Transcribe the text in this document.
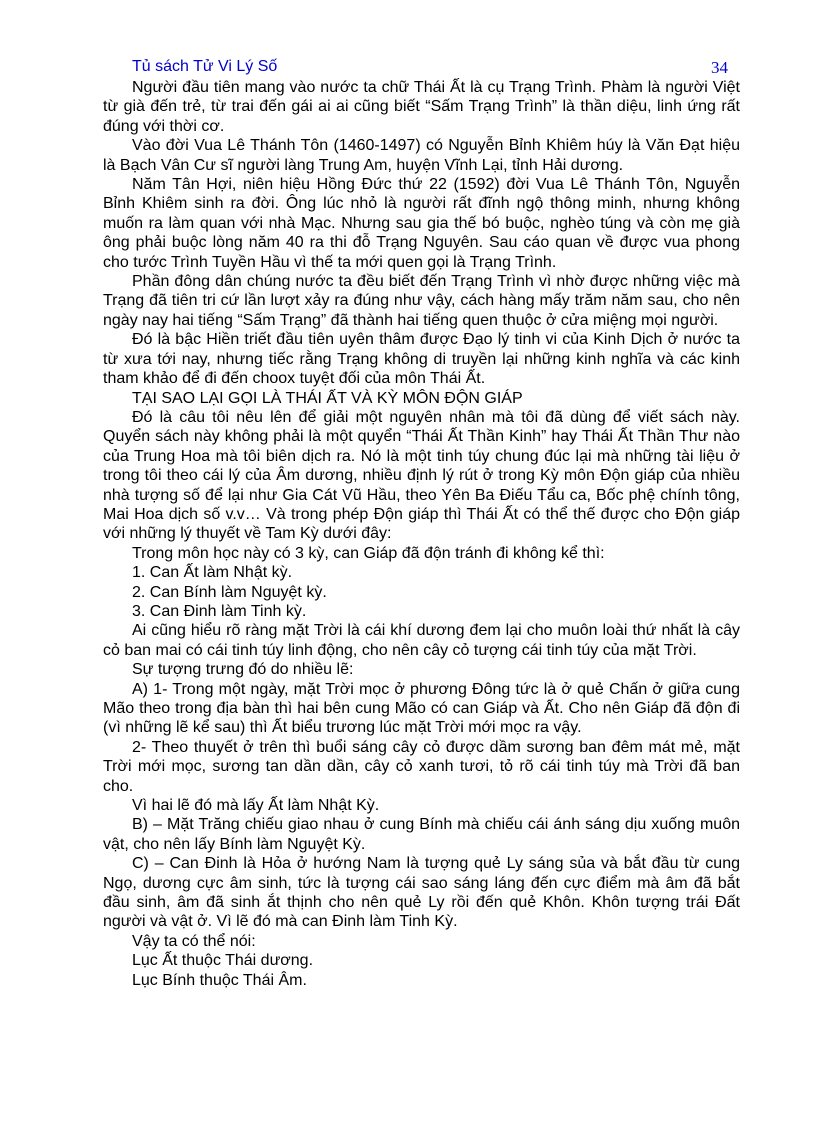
Tủ sách Tử Vi Lý Số	34

Người đầu tiên mang vào nước ta chữ Thái Ất là cụ Trạng Trình. Phàm là người Việt từ già đến trẻ, từ trai đến gái ai ai cũng biết “Sấm Trạng Trình” là thần diệu, linh ứng rất đúng với thời cơ.

Vào đời Vua Lê Thánh Tôn (1460-1497) có Nguyễn Bỉnh Khiêm húy là Văn Đạt hiệu là Bạch Vân Cư sĩ người làng Trung Am, huyện Vĩnh Lại, tỉnh Hải dương.

Năm Tân Hợi, niên hiệu Hồng Đức thứ 22 (1592) đời Vua Lê Thánh Tôn, Nguyễn Bỉnh Khiêm sinh ra đời. Ông lúc nhỏ là người rất đĩnh ngộ thông minh, nhưng không muốn ra làm quan với nhà Mạc. Nhưng sau gia thế bó buộc, nghèo túng và còn mẹ già ông phải buộc lòng năm 40 ra thi đỗ Trạng Nguyên. Sau cáo quan về được vua phong cho tước Trình Tuyền Hầu vì thế ta mới quen gọi là Trạng Trình.

Phần đông dân chúng nước ta đều biết đến Trạng Trình vì nhờ được những việc mà Trạng đã tiên tri cứ lần lượt xảy ra đúng như vậy, cách hàng mấy trăm năm sau, cho nên ngày nay hai tiếng “Sấm Trạng” đã thành hai tiếng quen thuộc ở cửa miệng mọi người.

Đó là bậc Hiền triết đầu tiên uyên thâm được Đạo lý tinh vi của Kinh Dịch ở nước ta từ xưa tới nay, nhưng tiếc rằng Trạng không di truyền lại những kinh nghĩa và các kinh tham khảo để đi đến choox tuyệt đối của môn Thái Ất.

TẠI SAO LẠI GỌI LÀ THÁI ẤT VÀ KỲ MÔN ĐỘN GIÁP

Đó là câu tôi nêu lên để giải một nguyên nhân mà tôi đã dùng để viết sách này. Quyển sách này không phải là một quyển “Thái Ất Thần Kinh” hay Thái Ất Thần Thư nào của Trung Hoa mà tôi biên dịch ra. Nó là một tinh túy chung đúc lại mà những tài liệu ở trong tôi theo cái lý của Âm dương, nhiều định lý rút ở trong Kỳ môn Độn giáp của nhiều nhà tượng số để lại như Gia Cát Vũ Hầu, theo Yên Ba Điếu Tẩu ca, Bốc phệ chính tông, Mai Hoa dịch số v.v… Và trong phép Độn giáp thì Thái Ất có thể thế được cho Độn giáp với những lý thuyết về Tam Kỳ dưới đây:

Trong môn học này có 3 kỳ, can Giáp đã độn tránh đi không kể thì:

1. Can Ất làm Nhật kỳ.

2. Can Bính làm Nguyệt kỳ.

3. Can Đinh làm Tinh kỳ.

Ai cũng hiểu rõ ràng mặt Trời là cái khí dương đem lại cho muôn loài thứ nhất là cây cỏ ban mai có cái tinh túy linh động, cho nên cây cỏ tượng cái tinh túy của mặt Trời.

Sự tượng trưng đó do nhiều lẽ:

A) 1- Trong một ngày, mặt Trời mọc ở phương Đông tức là ở quẻ Chấn ở giữa cung Mão theo trong địa bàn thì hai bên cung Mão có can Giáp và Ất. Cho nên Giáp đã độn đi (vì những lẽ kể sau) thì Ất biểu trương lúc mặt Trời mới mọc ra vậy.

2- Theo thuyết ở trên thì buổi sáng cây cỏ được dầm sương ban đêm mát mẻ, mặt Trời mới mọc, sương tan dần dần, cây cỏ xanh tươi, tỏ rõ cái tinh túy mà Trời đã ban cho.

Vì hai lẽ đó mà lấy Ất làm Nhật Kỳ.

B) – Mặt Trăng chiếu giao nhau ở cung Bính mà chiếu cái ánh sáng dịu xuống muôn vật, cho nên lấy Bính làm Nguyệt Kỳ.

C) – Can Đinh là Hỏa ở hướng Nam là tượng quẻ Ly sáng sủa và bắt đầu từ cung Ngọ, dương cực âm sinh, tức là tượng cái sao sáng láng đến cực điểm mà âm đã bắt đầu sinh, âm đã sinh ắt thịnh cho nên quẻ Ly rồi đến quẻ Khôn. Khôn tượng trái Đất người và vật ở. Vì lẽ đó mà can Đinh làm Tinh Kỳ.

Vậy ta có thể nói:

Lục Ất thuộc Thái dương.

Lục Bính thuộc Thái Âm.
